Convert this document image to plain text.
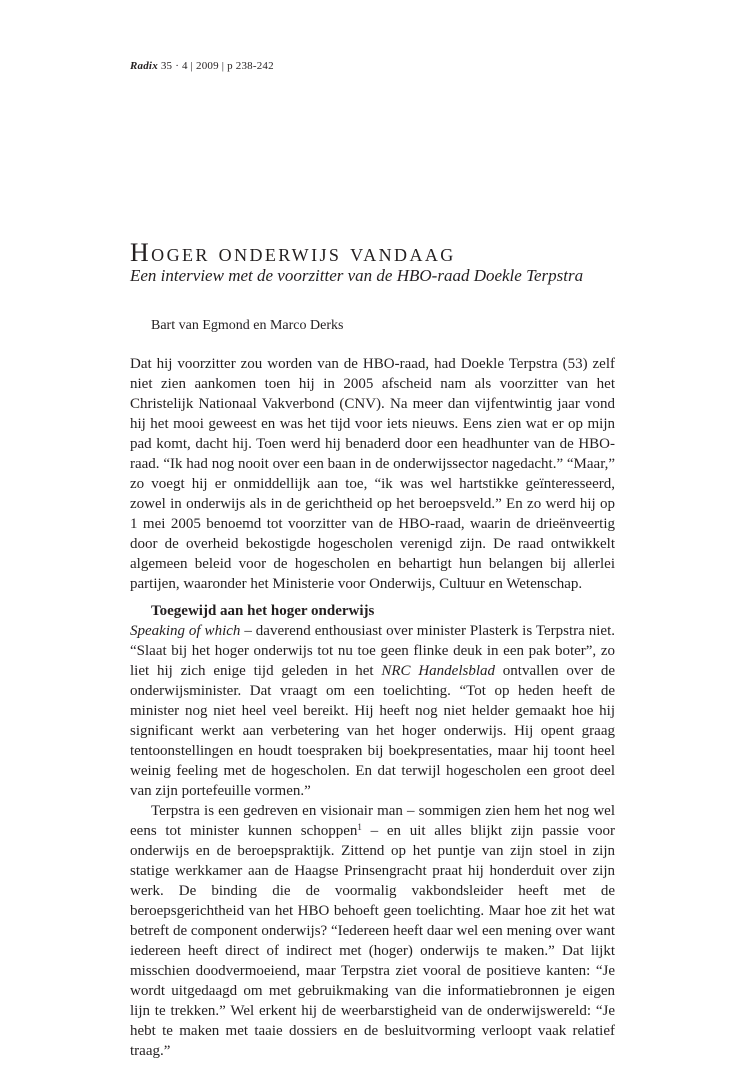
Radix 35 · 4 | 2009 | p 238-242
Hoger onderwijs vandaag
Een interview met de voorzitter van de HBO-raad Doekle Terpstra
Bart van Egmond en Marco Derks

Dat hij voorzitter zou worden van de HBO-raad, had Doekle Terpstra (53) zelf niet zien aankomen toen hij in 2005 afscheid nam als voorzitter van het Christelijk Nationaal Vakverbond (CNV). Na meer dan vijfentwintig jaar vond hij het mooi geweest en was het tijd voor iets nieuws. Eens zien wat er op mijn pad komt, dacht hij. Toen werd hij benaderd door een headhunter van de HBO-raad. “Ik had nog nooit over een baan in de onderwijssector nagedacht.” “Maar,” zo voegt hij er onmiddellijk aan toe, “ik was wel hartstikke geïnteresseerd, zowel in onderwijs als in de gerichtheid op het beroepsveld.” En zo werd hij op 1 mei 2005 benoemd tot voorzitter van de HBO-raad, waarin de drieënveertig door de overheid bekostigde hogescholen verenigd zijn. De raad ontwikkelt algemeen beleid voor de hogescholen en behartigt hun belangen bij allerlei partijen, waaronder het Ministerie voor Onderwijs, Cultuur en Wetenschap.

Toegewijd aan het hoger onderwijs

Speaking of which – daverend enthousiast over minister Plasterk is Terpstra niet. “Slaat bij het hoger onderwijs tot nu toe geen flinke deuk in een pak boter”, zo liet hij zich enige tijd geleden in het NRC Handelsblad ontvallen over de onderwijsminister. Dat vraagt om een toelichting. “Tot op heden heeft de minister nog niet heel veel bereikt. Hij heeft nog niet helder gemaakt hoe hij significant werkt aan verbetering van het hoger onderwijs. Hij opent graag tentoonstellingen en houdt toespraken bij boekpresentaties, maar hij toont heel weinig feeling met de hogescholen. En dat terwijl hogescholen een groot deel van zijn portefeuille vormen.”

Terpstra is een gedreven en visionair man – sommigen zien hem het nog wel eens tot minister kunnen schoppen$^1$ – en uit alles blijkt zijn passie voor onderwijs en de beroepspraktijk. Zittend op het puntje van zijn stoel in zijn statige werkkamer aan de Haagse Prinsengracht praat hij honderduit over zijn werk. De binding die de voormalig vakbondsleider heeft met de beroepsgerichtheid van het HBO behoeft geen toelichting. Maar hoe zit het wat betreft de component onderwijs? “Iedereen heeft daar wel een mening over want iedereen heeft direct of indirect met (hoger) onderwijs te maken.” Dat lijkt misschien doodvermoeiend, maar Terpstra ziet vooral de positieve kanten: “Je wordt uitgedaagd om met gebruikmaking van die informatiebronnen je eigen lijn te trekken.” Wel erkent hij de weerbarstigheid van de onderwijswereld: “Je hebt te maken met taaie dossiers en de besluitvorming verloopt vaak relatief traag.”
